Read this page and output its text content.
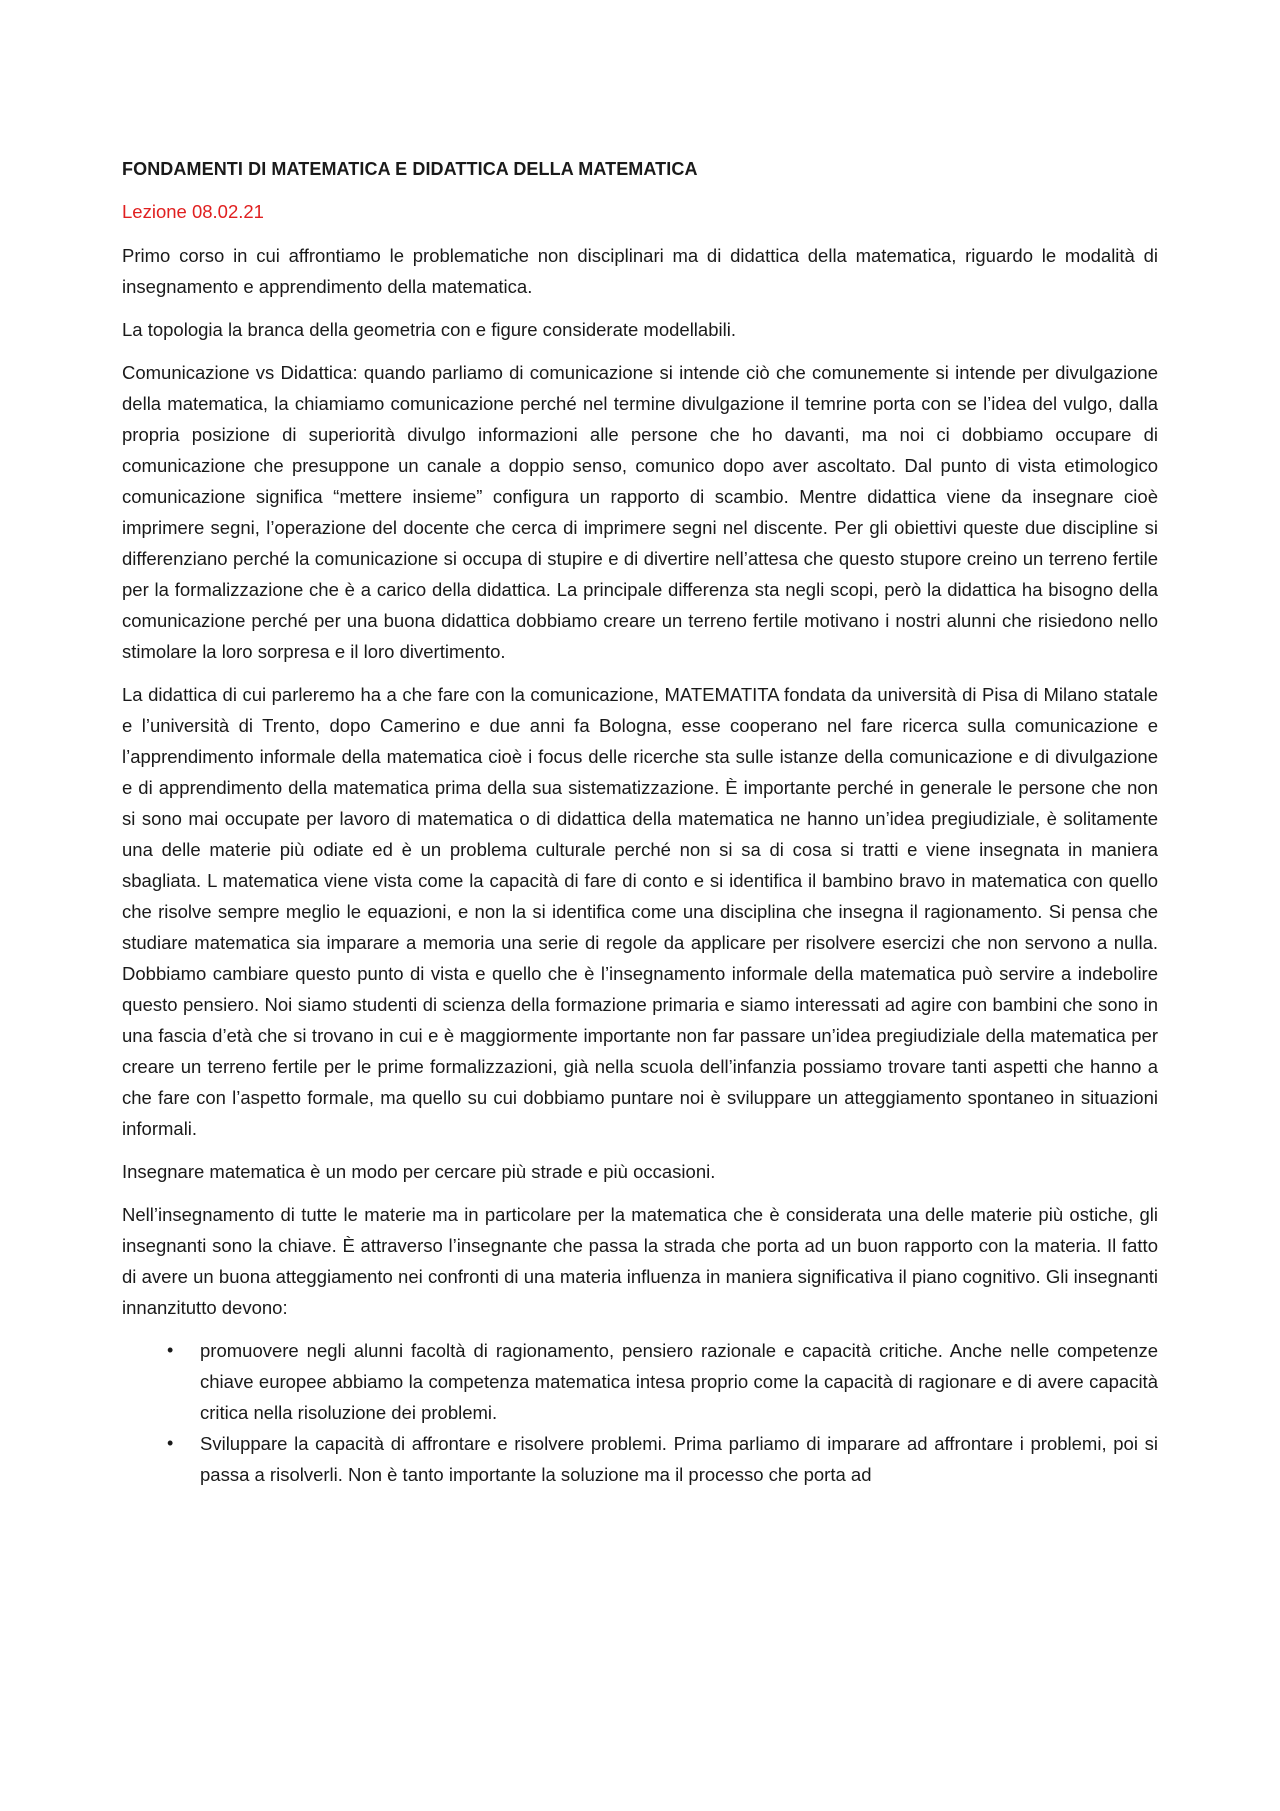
FONDAMENTI DI MATEMATICA E DIDATTICA DELLA MATEMATICA
Lezione 08.02.21

Primo corso in cui affrontiamo le problematiche non disciplinari ma di didattica della matematica, riguardo le modalità di insegnamento e apprendimento della matematica.

La topologia la branca della geometria con e figure considerate modellabili.

Comunicazione vs Didattica: quando parliamo di comunicazione si intende ciò che comunemente si intende per divulgazione della matematica, la chiamiamo comunicazione perché nel termine divulgazione il temrine porta con se l’idea del vulgo, dalla propria posizione di superiorità divulgo informazioni alle persone che ho davanti, ma noi ci dobbiamo occupare di comunicazione che presuppone un canale a doppio senso, comunico dopo aver ascoltato. Dal punto di vista etimologico comunicazione significa “mettere insieme” configura un rapporto di scambio. Mentre didattica viene da insegnare cioè imprimere segni, l’operazione del docente che cerca di imprimere segni nel discente. Per gli obiettivi queste due discipline si differenziano perché la comunicazione si occupa di stupire e di divertire nell’attesa che questo stupore creino un terreno fertile per la formalizzazione che è a carico della didattica. La principale differenza sta negli scopi, però la didattica ha bisogno della comunicazione perché per una buona didattica dobbiamo creare un terreno fertile motivano i nostri alunni che risiedono nello stimolare la loro sorpresa e il loro divertimento.

La didattica di cui parleremo ha a che fare con la comunicazione, MATEMATITA fondata da università di Pisa di Milano statale e l’università di Trento, dopo Camerino e due anni fa Bologna, esse cooperano nel fare ricerca sulla comunicazione e l’apprendimento informale della matematica cioè i focus delle ricerche sta sulle istanze della comunicazione e di divulgazione e di apprendimento della matematica prima della sua sistematizzazione. È importante perché in generale le persone che non si sono mai occupate per lavoro di matematica o di didattica della matematica ne hanno un’idea pregiudiziale, è solitamente una delle materie più odiate ed è un problema culturale perché non si sa di cosa si tratti e viene insegnata in maniera sbagliata. L matematica viene vista come la capacità di fare di conto e si identifica il bambino bravo in matematica con quello che risolve sempre meglio le equazioni, e non la si identifica come una disciplina che insegna il ragionamento. Si pensa che studiare matematica sia imparare a memoria una serie di regole da applicare per risolvere esercizi che non servono a nulla. Dobbiamo cambiare questo punto di vista e quello che è l’insegnamento informale della matematica può servire a indebolire questo pensiero. Noi siamo studenti di scienza della formazione primaria e siamo interessati ad agire con bambini che sono in una fascia d’età che si trovano in cui e è maggiormente importante non far passare un’idea pregiudiziale della matematica per creare un terreno fertile per le prime formalizzazioni, già nella scuola dell’infanzia possiamo trovare tanti aspetti che hanno a che fare con l’aspetto formale, ma quello su cui dobbiamo puntare noi è sviluppare un atteggiamento spontaneo in situazioni informali.

Insegnare matematica è un modo per cercare più strade e più occasioni.

Nell’insegnamento di tutte le materie ma in particolare per la matematica che è considerata una delle materie più ostiche, gli insegnanti sono la chiave. È attraverso l’insegnante che passa la strada che porta ad un buon rapporto con la materia. Il fatto di avere un buona atteggiamento nei confronti di una materia influenza in maniera significativa il piano cognitivo. Gli insegnanti innanzitutto devono:

• promuovere negli alunni facoltà di ragionamento, pensiero razionale e capacità critiche. Anche nelle competenze chiave europee abbiamo la competenza matematica intesa proprio come la capacità di ragionare e di avere capacità critica nella risoluzione dei problemi.
• Sviluppare la capacità di affrontare e risolvere problemi. Prima parliamo di imparare ad affrontare i problemi, poi si passa a risolverli. Non è tanto importante la soluzione ma il processo che porta ad
